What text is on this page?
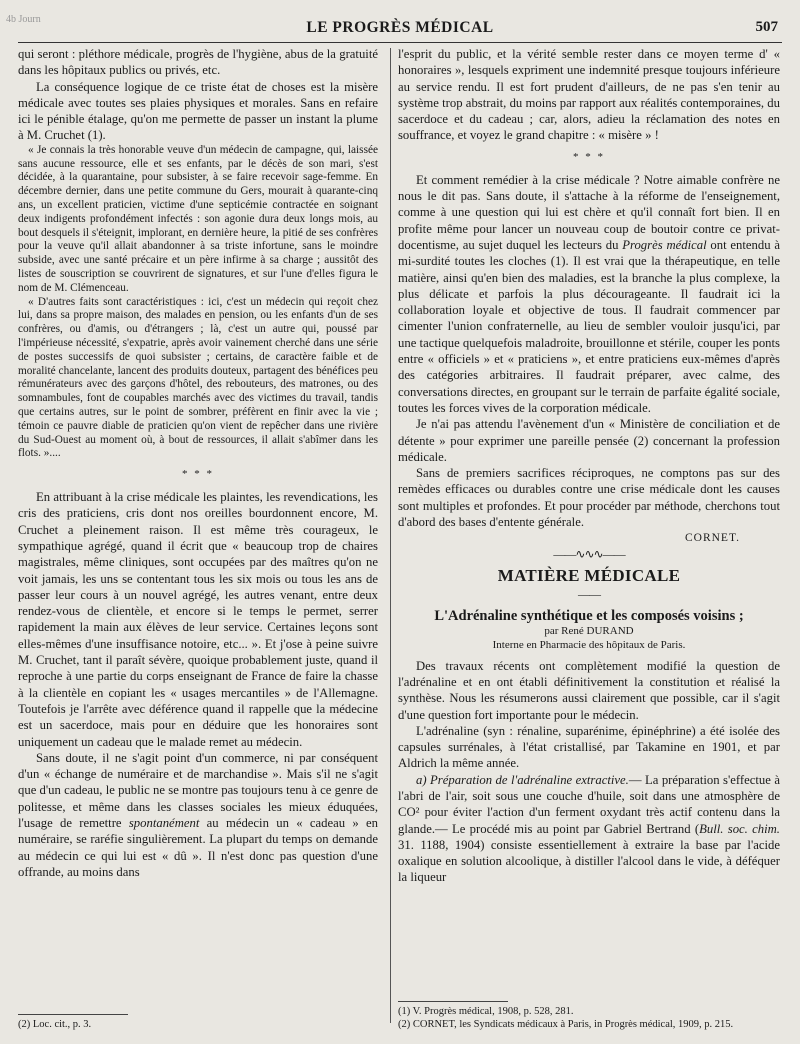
4b Journ	LE PROGRÈS MÉDICAL	507

qui seront : pléthore médicale, progrès de l'hygiène, abus de la gratuité dans les hôpitaux publics ou privés, etc.

La conséquence logique de ce triste état de choses est la misère médicale avec toutes ses plaies physiques et morales. Sans en refaire ici le pénible étalage, qu'on me permette de passer un instant la plume à M. Cruchet (1).

« Je connais la très honorable veuve d'un médecin de campagne, qui, laissée sans aucune ressource, elle et ses enfants, par le décès de son mari, s'est décidée, à la quarantaine, pour subsister, à se faire recevoir sage-femme. En décembre dernier, dans une petite commune du Gers, mourait à quarante-cinq ans, un excellent praticien, victime d'une septicémie contractée en soignant deux indigents profondément infectés : son agonie dura deux longs mois, au bout desquels il s'éteignit, implorant, en dernière heure, la pitié de ses confrères pour la veuve qu'il allait abandonner à sa triste infortune, sans le moindre subside, avec une santé précaire et un père infirme à sa charge ; aussitôt des listes de souscription se couvrirent de signatures, et sur l'une d'elles figura le nom de M. Clémenceau.

« D'autres faits sont caractéristiques : ici, c'est un médecin qui reçoit chez lui, dans sa propre maison, des malades en pension, ou les enfants d'un de ses confrères, ou d'amis, ou d'étrangers ; là, c'est un autre qui, poussé par l'impérieuse nécessité, s'expatrie, après avoir vainement cherché dans une série de postes successifs de quoi subsister ; certains, de caractère faible et de moralité chancelante, lancent des produits douteux, partagent des bénéfices peu rémunérateurs avec des garçons d'hôtel, des rebouteurs, des matrones, ou des somnambules, font de coupables marchés avec des victimes du travail, tandis que certains autres, sur le point de sombrer, préfèrent en finir avec la vie ; témoin ce pauvre diable de praticien qu'on vient de repêcher dans une rivière du Sud-Ouest au moment où, à bout de ressources, il allait s'abîmer dans les flots. »....

* * *

En attribuant à la crise médicale les plaintes, les revendications, les cris des praticiens, cris dont nos oreilles bourdonnent encore, M. Cruchet a pleinement raison. Il est même très courageux, le sympathique agrégé, quand il écrit que « beaucoup trop de chaires magistrales, même cliniques, sont occupées par des maîtres qu'on ne voit jamais, les uns se contentant tous les six mois ou tous les ans de passer leur cours à un nouvel agrégé, les autres venant, entre deux rendez-vous de clientèle, et encore si le temps le permet, serrer rapidement la main aux élèves de leur service. Certaines leçons sont elles-mêmes d'une insuffisance notoire, etc... ». Et j'ose à peine suivre M. Cruchet, tant il paraît sévère, quoique probablement juste, quand il reproche à une partie du corps enseignant de France de faire la chasse à la clientèle en copiant les « usages mercantiles » de l'Allemagne. Toutefois je l'arrête avec déférence quand il rappelle que la médecine est un sacerdoce, mais pour en déduire que les honoraires sont uniquement un cadeau que le malade remet au médecin.

Sans doute, il ne s'agit point d'un commerce, ni par conséquent d'un « échange de numéraire et de marchandise ». Mais s'il ne s'agit que d'un cadeau, le public ne se montre pas toujours tenu à ce genre de politesse, et même dans les classes sociales les mieux éduquées, l'usage de remettre spontanément au médecin un « cadeau » en numéraire, se raréfie singulièrement. La plupart du temps on demande au médecin ce qui lui est « dû ». Il n'est donc pas question d'une offrande, au moins dans

(2) Loc. cit., p. 3.

l'esprit du public, et la vérité semble rester dans ce moyen terme d' « honoraires », lesquels expriment une indemnité presque toujours inférieure au service rendu. Il est fort prudent d'ailleurs, de ne pas s'en tenir au système trop abstrait, du moins par rapport aux réalités contemporaines, du sacerdoce et du cadeau ; car, alors, adieu la réclamation des notes en souffrance, et voyez le grand chapitre : « misère » !

* * *

Et comment remédier à la crise médicale ? Notre aimable confrère ne nous le dit pas. Sans doute, il s'attache à la réforme de l'enseignement, comme à une question qui lui est chère et qu'il connaît fort bien. Il en profite même pour lancer un nouveau coup de boutoir contre ce privat-docentisme, au sujet duquel les lecteurs du Progrès médical ont entendu à mi-surdité toutes les cloches (1). Il est vrai que la thérapeutique, en telle matière, ainsi qu'en bien des maladies, est la branche la plus complexe, la plus délicate et parfois la plus décourageante. Il faudrait ici la collaboration loyale et objective de tous. Il faudrait commencer par cimenter l'union confraternelle, au lieu de sembler vouloir jusqu'ici, par une tactique quelquefois maladroite, brouillonne et stérile, couper les ponts entre « officiels » et « praticiens », et entre praticiens eux-mêmes d'après des catégories arbitraires. Il faudrait préparer, avec calme, des conversations directes, en groupant sur le terrain de parfaite égalité sociale, toutes les forces vives de la corporation médicale.

Je n'ai pas attendu l'avènement d'un « Ministère de conciliation et de détente » pour exprimer une pareille pensée (2) concernant la profession médicale.

Sans de premiers sacrifices réciproques, ne comptons pas sur des remèdes efficaces ou durables contre une crise médicale dont les causes sont multiples et profondes. Et pour procéder par méthode, cherchons tout d'abord des bases d'entente générale.

CORNET.
——∿∿∿——
MATIÈRE MÉDICALE
——
L'Adrénaline synthétique et les composés voisins ;
par René DURAND
Interne en Pharmacie des hôpitaux de Paris.

Des travaux récents ont complètement modifié la question de l'adrénaline et en ont établi définitivement la constitution et réalisé la synthèse. Nous les résumerons aussi clairement que possible, car il s'agit d'une question fort importante pour le médecin.

L'adrénaline (syn : rénaline, suparénime, épinéphrine) a été isolée des capsules surrénales, à l'état cristallisé, par Takamine en 1901, et par Aldrich la même année.

a) Préparation de l'adrénaline extractive.— La préparation s'effectue à l'abri de l'air, soit sous une couche d'huile, soit dans une atmosphère de CO² pour éviter l'action d'un ferment oxydant très actif contenu dans la glande.— Le procédé mis au point par Gabriel Bertrand (Bull. soc. chim. 31. 1188, 1904) consiste essentiellement à extraire la base par l'acide oxalique en solution alcoolique, à distiller l'alcool dans le vide, à déféquer la liqueur

(1) V. Progrès médical, 1908, p. 528, 281.

(2) CORNET, les Syndicats médicaux à Paris, in Progrès médical, 1909, p. 215.
